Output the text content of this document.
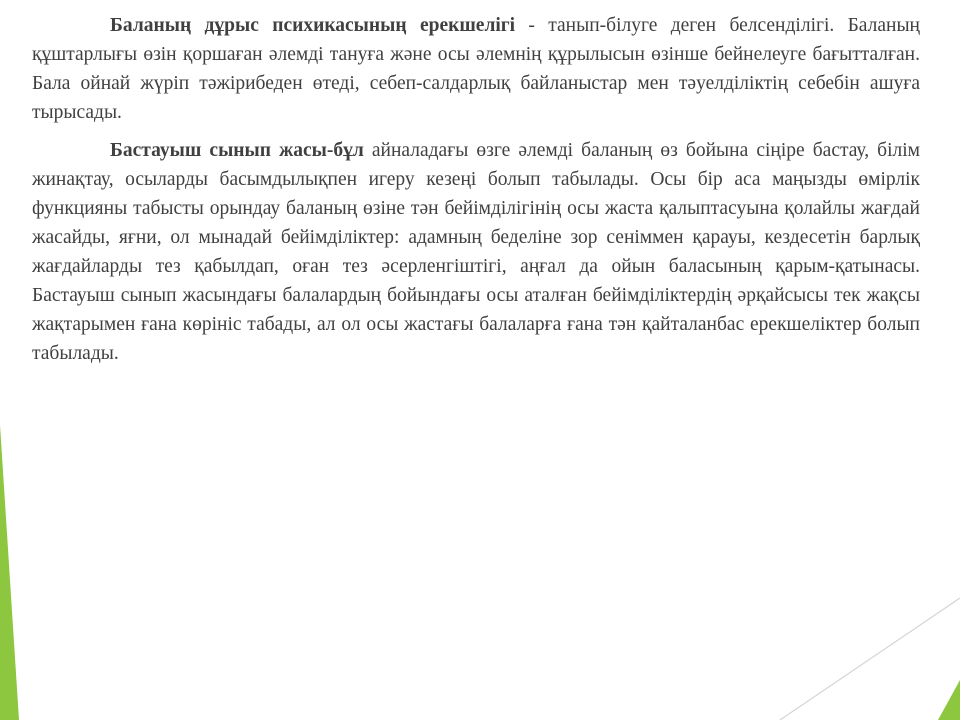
Баланың дұрыс психикасының ерекшелігі - танып-білуге деген белсенділігі. Баланың құштарлығы өзін қоршаған әлемді тануға және осы әлемнің құрылысын өзінше бейнелеуге бағытталған. Бала ойнай жүріп тәжірибеден өтеді, себеп-салдарлық байланыстар мен тәуелділіктің себебін ашуға тырысады.

Бастауыш сынып жасы-бұл айналадағы өзге әлемді баланың өз бойына сіңіре бастау, білім жинақтау, осыларды басымдылықпен игеру кезеңі болып табылады. Осы бір аса маңызды өмірлік функцияны табысты орындау баланың өзіне тән бейімділігінің осы жаста қалыптасуына қолайлы жағдай жасайды, яғни, ол мынадай бейімділіктер: адамның беделіне зор сеніммен қарауы, кездесетін барлық жағдайларды тез қабылдап, оған тез әсерленгіштігі, аңғал да ойын баласының қарым-қатынасы. Бастауыш сынып жасындағы балалардың бойындағы осы аталған бейімділіктердің әрқайсысы тек жақсы жақтарымен ғана көрініс табады, ал ол осы жастағы балаларға ғана тән қайталанбас ерекшеліктер болып табылады.
